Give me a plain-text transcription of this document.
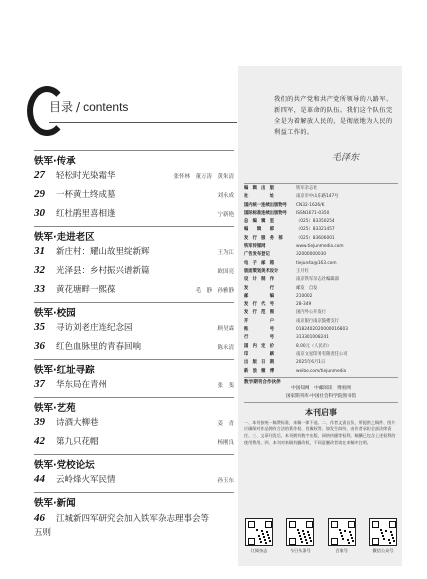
目录 / contents
铁军·传承
27	轻松时光染霜华	张怀林　董万涛　黄朱清
29	一杯黄土终成墓	刘永成
30	红杜鹃里喜相逢	宁新艳
铁军·走进老区
31	新庄村：耀山故里绽新辉	王为江
32	光泽县：乡村振兴谱新篇	欧国亮
33	黄花塘畔一熙葆	毛　静　孙雅静
铁军·校园
35	寻访刘老庄连纪念园	顾昊霖
36	红色血脉里的青春回响	陈永清
铁军·红址寻踪
37	华东局在青州	张　斐
铁军·艺苑
39	诗酒大柳巷	姜　青
42	第九只花帽	杨刚良
铁军·党校论坛
44	云岭烽火军民情	孙玉东
铁军·新闻
46	江城新四军研究会加入铁军杂志理事会等
五则
我们的共产党和共产党所领导的八路军、新四军，是革命的队伍。我们这个队伍完全是为着解放人民的，是彻底地为人民的利益工作的。
毛泽东
编　辑　出　版	铁军杂志社
社　　　　　址	南京市中山东路147号
国内统一连续出版物号	CN32-1626/K
国际标准连续出版物号	ISSN1671-0350
总　编　辑　室	（025）83350254
编　　辑　　部	（025）83321457
发　行　服　务　部	（025）83606001
铁军传媒网	www.tiejunmedia.com
广告发布登记	32000000030
电　子　邮　箱	tiejun4a@163.com
版面策划美术设计	王月红
设　计　制　作	南京铁军杂志社编辑部
发　　　　　行	邮发　自发
邮　　　　　编	210002
发　行　代　号	28-349
发　行　范　围	国内外公开发行
开　　　　　户	南京银行南京鼓楼支行
账　　　　　号	0182402020000016803
行　　　　　号	313301008241
国　内　定　价	8.00元（人民币）
印　　　　　刷	南京文星印务有限责任公司
出　版　日　期	2025年6月1日
新　浪　微　博	weibo.com/tiejunmedia
数字期刊合作伙伴
中国知网　中邮阅读　博看网
国家期刊库·中国社会科学院图书馆
本刊启事
一、本刊按统一稿费标准，来稿一律不退。二、作者文责自负，所提供之稿件、图片应确保对作品拥有合法的著作权、肖像权等，如发生纠纷，由作者承担全部法律责任。三、文章刊发后，本刊拥有数字出版、网络传播等权利，稿酬已包含上述权利的使用费用。四、本刊对来稿有删改权，不同意删改者请在来稿中注明。
订阅杂志	今日头条号	百家号	微信公众号
